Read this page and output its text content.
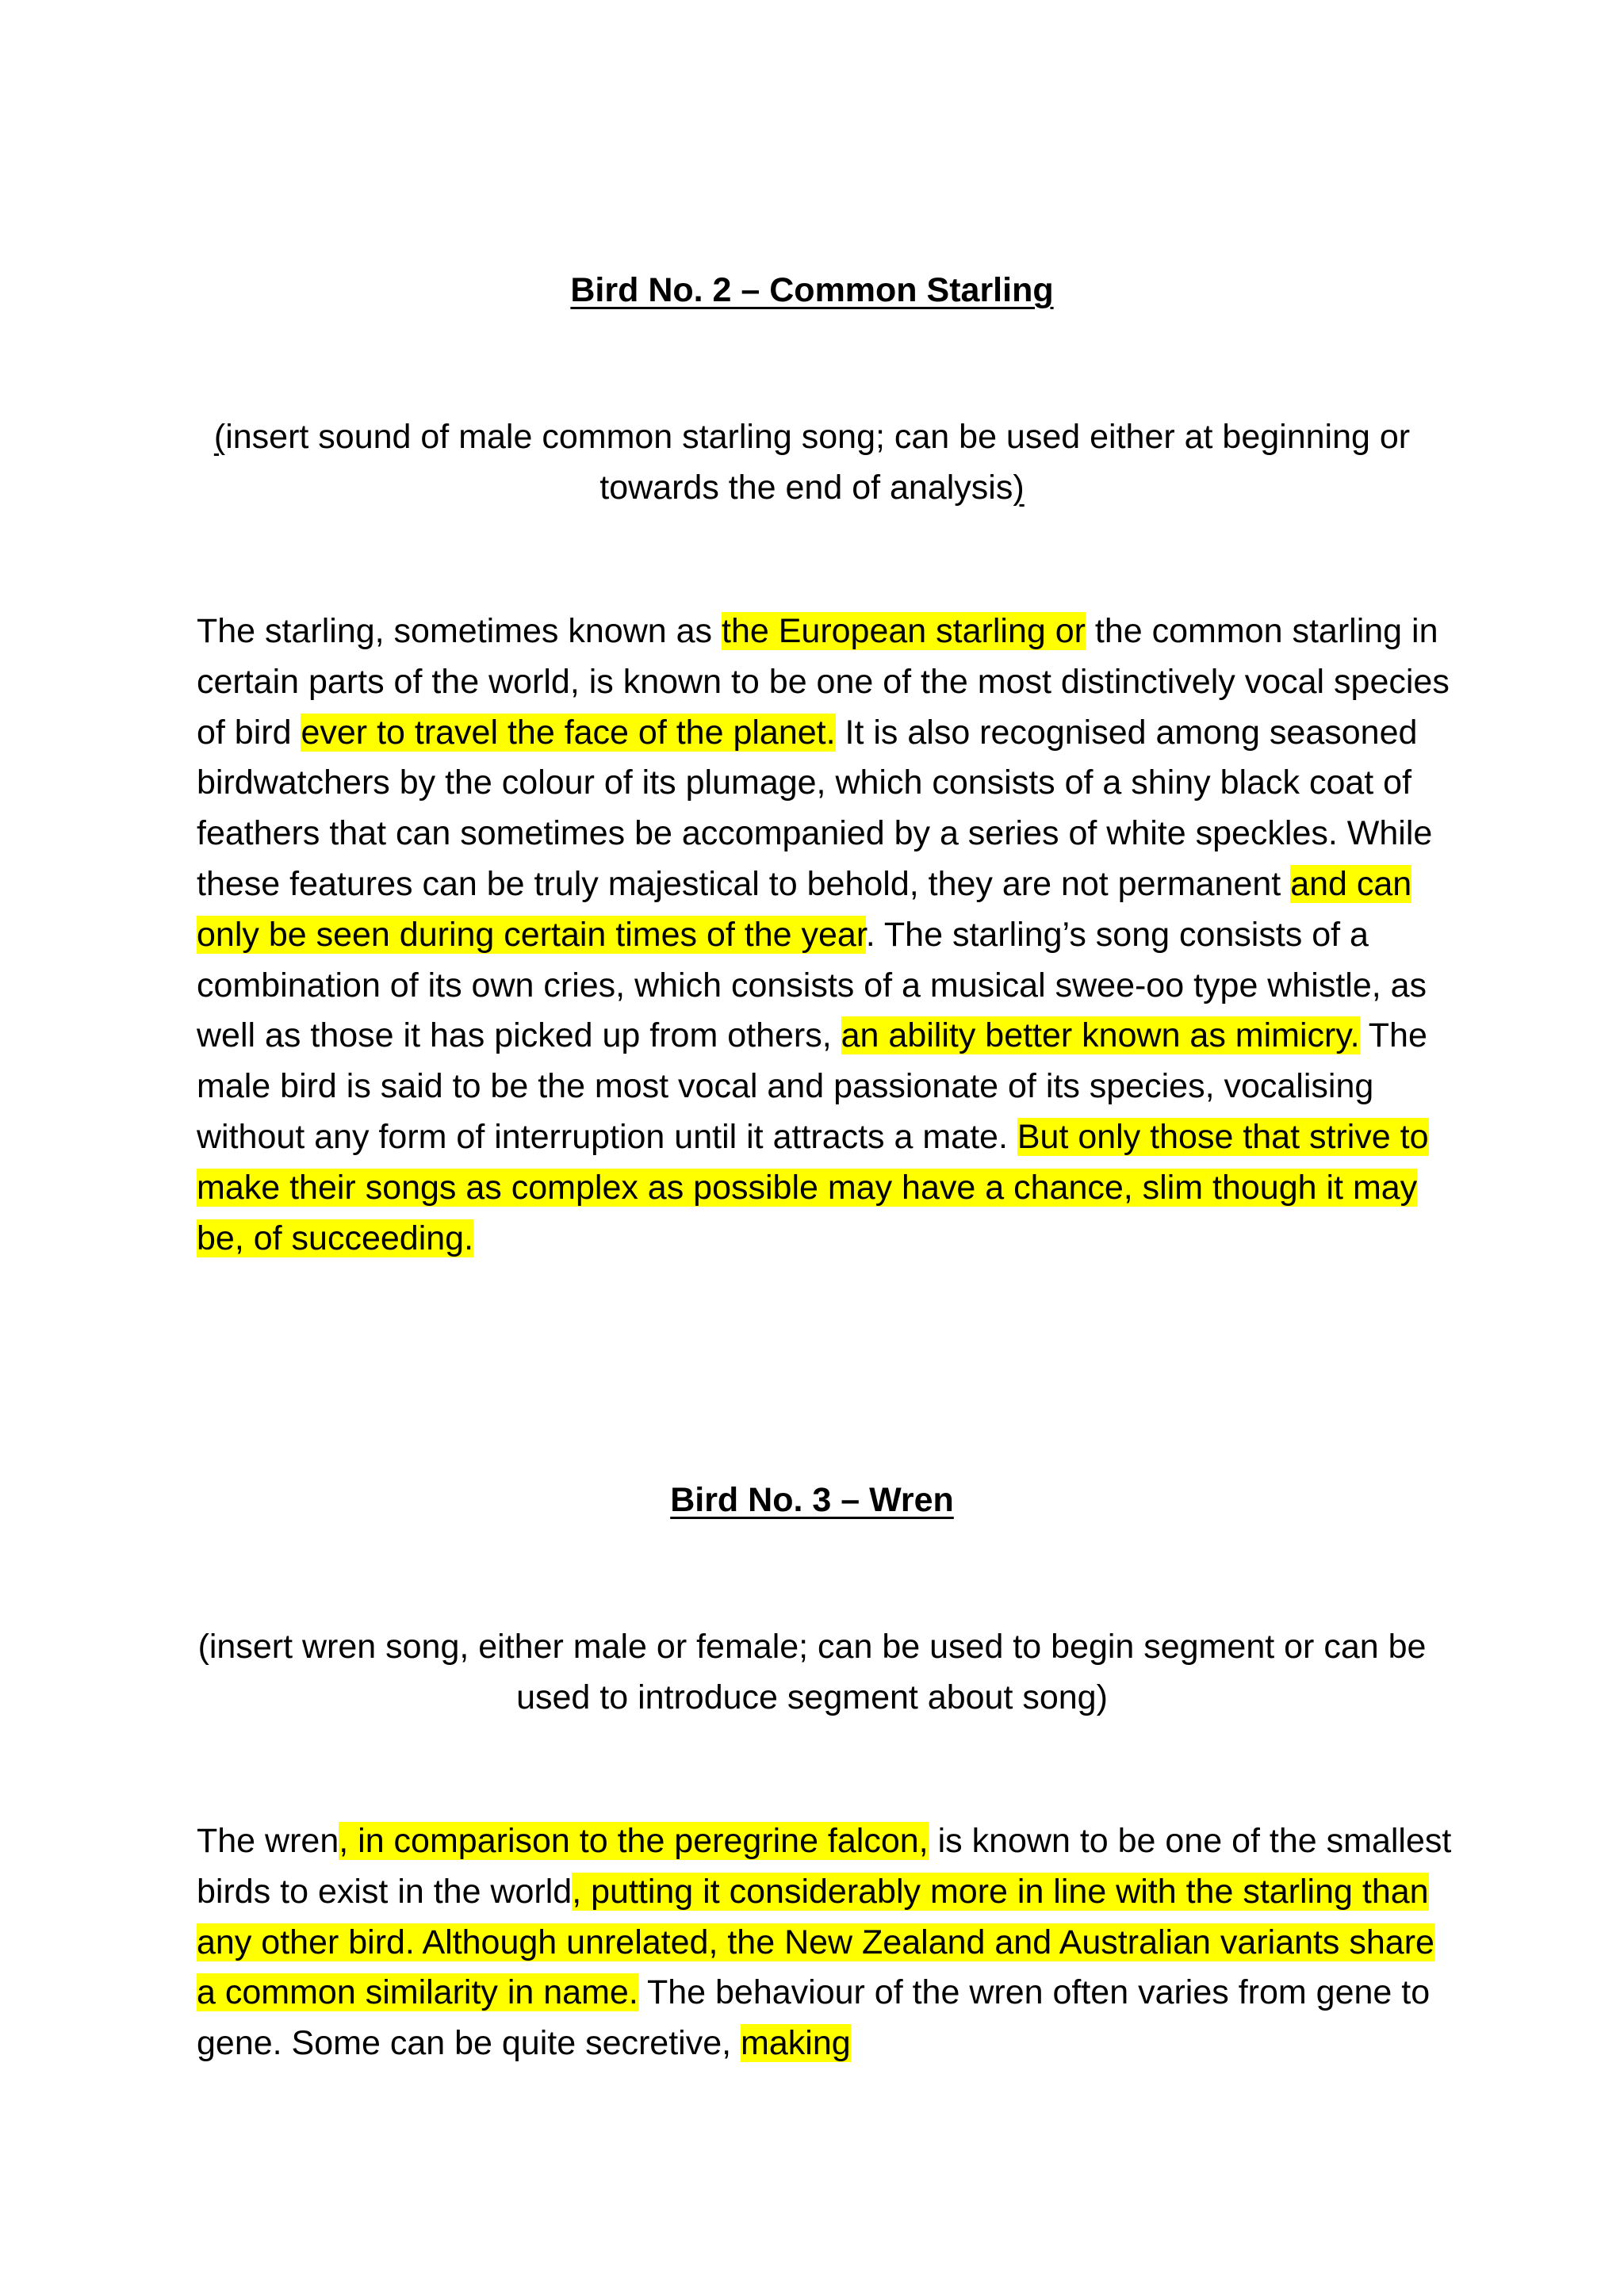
Bird No. 2 – Common Starling
(insert sound of male common starling song; can be used either at beginning or towards the end of analysis)
The starling, sometimes known as the European starling or the common starling in certain parts of the world, is known to be one of the most distinctively vocal species of bird ever to travel the face of the planet. It is also recognised among seasoned birdwatchers by the colour of its plumage, which consists of a shiny black coat of feathers that can sometimes be accompanied by a series of white speckles. While these features can be truly majestical to behold, they are not permanent and can only be seen during certain times of the year. The starling’s song consists of a combination of its own cries, which consists of a musical swee-oo type whistle, as well as those it has picked up from others, an ability better known as mimicry. The male bird is said to be the most vocal and passionate of its species, vocalising without any form of interruption until it attracts a mate. But only those that strive to make their songs as complex as possible may have a chance, slim though it may be, of succeeding.
Bird No. 3 – Wren
(insert wren song, either male or female; can be used to begin segment or can be used to introduce segment about song)
The wren, in comparison to the peregrine falcon, is known to be one of the smallest birds to exist in the world, putting it considerably more in line with the starling than any other bird. Although unrelated, the New Zealand and Australian variants share a common similarity in name. The behaviour of the wren often varies from gene to gene. Some can be quite secretive, making
